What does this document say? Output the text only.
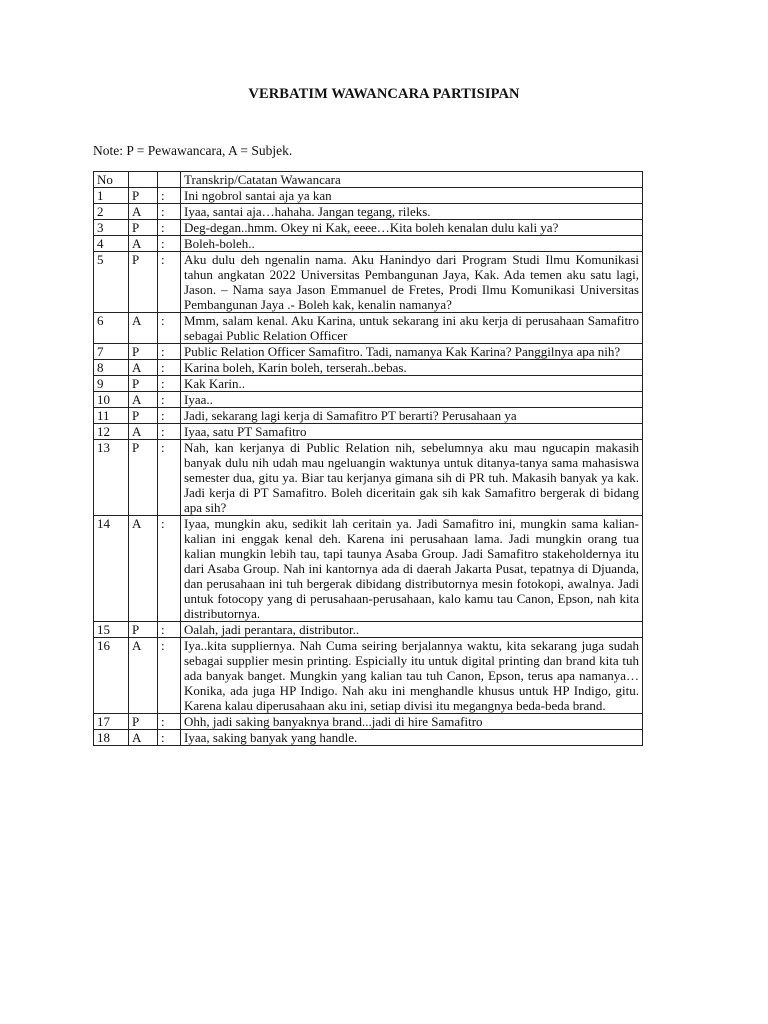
VERBATIM WAWANCARA PARTISIPAN
Note: P = Pewawancara, A = Subjek.
No			Transkrip/Catatan Wawancara
1	P	:	Ini ngobrol santai aja ya kan
2	A	:	Iyaa, santai aja…hahaha. Jangan tegang, rileks.
3	P	:	Deg-degan..hmm. Okey ni Kak, eeee…Kita boleh kenalan dulu kali ya?
4	A	:	Boleh-boleh..
5	P	:	Aku dulu deh ngenalin nama. Aku Hanindyo dari Program Studi Ilmu Komunikasi tahun angkatan 2022 Universitas Pembangunan Jaya, Kak. Ada temen aku satu lagi, Jason. – Nama saya Jason Emmanuel de Fretes, Prodi Ilmu Komunikasi Universitas Pembangunan Jaya .- Boleh kak, kenalin namanya?
6	A	:	Mmm, salam kenal. Aku Karina, untuk sekarang ini aku kerja di perusahaan Samafitro sebagai Public Relation Officer
7	P	:	Public Relation Officer Samafitro. Tadi, namanya Kak Karina? Panggilnya apa nih?
8	A	:	Karina boleh, Karin boleh, terserah..bebas.
9	P	:	Kak Karin..
10	A	:	Iyaa..
11	P	:	Jadi, sekarang lagi kerja di Samafitro PT berarti? Perusahaan ya
12	A	:	Iyaa, satu PT Samafitro
13	P	:	Nah, kan kerjanya di Public Relation nih, sebelumnya aku mau ngucapin makasih banyak dulu nih udah mau ngeluangin waktunya untuk ditanya-tanya sama mahasiswa semester dua, gitu ya. Biar tau kerjanya gimana sih di PR tuh. Makasih banyak ya kak. Jadi kerja di PT Samafitro. Boleh diceritain gak sih kak Samafitro bergerak di bidang apa sih?
14	A	:	Iyaa, mungkin aku, sedikit lah ceritain ya. Jadi Samafitro ini, mungkin sama kalian-kalian ini enggak kenal deh. Karena ini perusahaan lama. Jadi mungkin orang tua kalian mungkin lebih tau, tapi taunya Asaba Group. Jadi Samafitro stakeholdernya itu dari Asaba Group. Nah ini kantornya ada di daerah Jakarta Pusat, tepatnya di Djuanda, dan perusahaan ini tuh bergerak dibidang distributornya mesin fotokopi, awalnya. Jadi untuk fotocopy yang di perusahaan-perusahaan, kalo kamu tau Canon, Epson, nah kita distributornya.
15	P	:	Oalah, jadi perantara, distributor..
16	A	:	Iya..kita suppliernya. Nah Cuma seiring berjalannya waktu, kita sekarang juga sudah sebagai supplier mesin printing. Espicially itu untuk digital printing dan brand kita tuh ada banyak banget. Mungkin yang kalian tau tuh Canon, Epson, terus apa namanya…Konika, ada juga HP Indigo. Nah aku ini menghandle khusus untuk HP Indigo, gitu. Karena kalau diperusahaan aku ini, setiap divisi itu megangnya beda-beda brand.
17	P	:	Ohh, jadi saking banyaknya brand...jadi di hire Samafitro
18	A	:	Iyaa, saking banyak yang handle.
